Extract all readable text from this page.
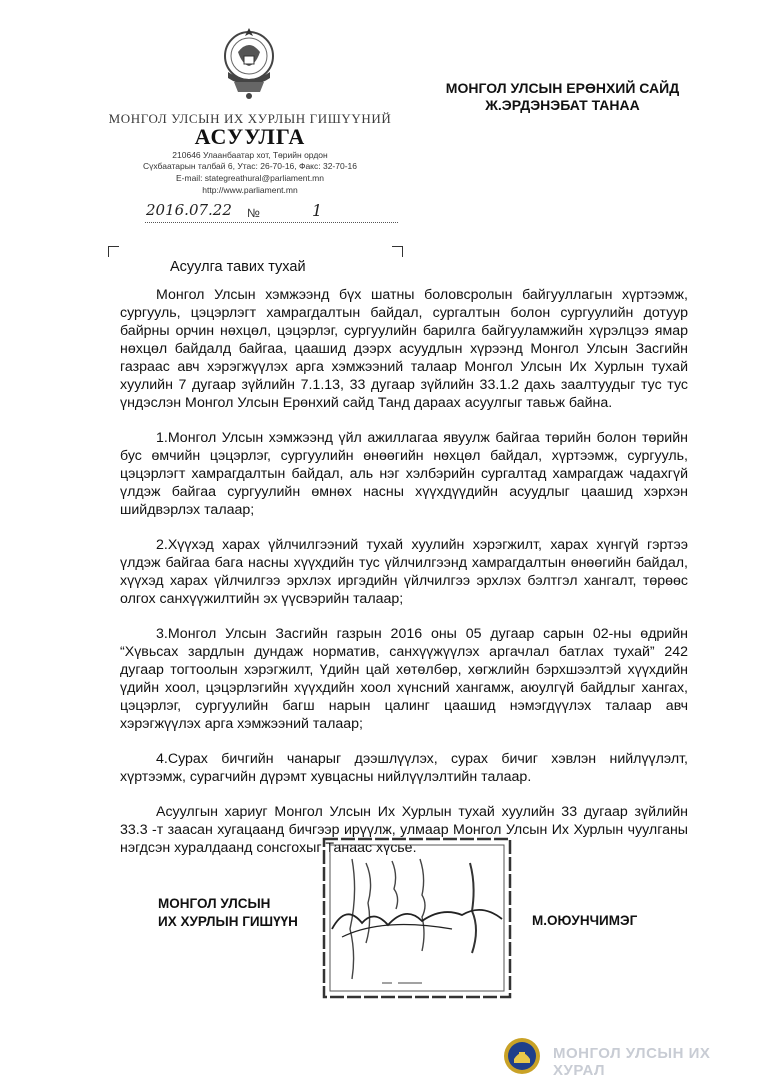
МОНГОЛ УЛСЫН ИХ ХУРЛЫН ГИШҮҮНИЙ
АСУУЛГА
210646 Улаанбаатар хот, Төрийн ордон
Сүхбаатарын талбай 6, Утас: 26-70-16, Факс: 32-70-16
E-mail: stategreathural@parliament.mn
http://www.parliament.mn
2016.07.22 №	1
МОНГОЛ УЛСЫН ЕРӨНХИЙ САЙД
Ж.ЭРДЭНЭБАТ ТАНАА
Асуулга тавих тухай

Монгол Улсын хэмжээнд бүх шатны боловсролын байгууллагын хүртээмж, сургууль, цэцэрлэгт хамрагдалтын байдал, сургалтын болон сургуулийн дотуур байрны орчин нөхцөл, цэцэрлэг, сургуулийн барилга байгууламжийн хүрэлцээ ямар нөхцөл байдалд байгаа, цаашид дээрх асуудлын хүрээнд Монгол Улсын Засгийн газраас авч хэрэгжүүлэх арга хэмжээний талаар Монгол Улсын Их Хурлын тухай хуулийн 7 дугаар зүйлийн 7.1.13, 33 дугаар зүйлийн 33.1.2 дахь заалтуудыг тус тус үндэслэн Монгол Улсын Ерөнхий сайд Танд дараах асуулгыг тавьж байна.

1.Монгол Улсын хэмжээнд үйл ажиллагаа явуулж байгаа төрийн болон төрийн бус өмчийн цэцэрлэг, сургуулийн өнөөгийн нөхцөл байдал, хүртээмж, сургууль, цэцэрлэгт хамрагдалтын байдал, аль нэг хэлбэрийн сургалтад хамрагдаж чадахгүй үлдэж байгаа сургуулийн өмнөх насны хүүхдүүдийн асуудлыг цаашид хэрхэн шийдвэрлэх талаар;

2.Хүүхэд харах үйлчилгээний тухай хуулийн хэрэгжилт, харах хүнгүй гэртээ үлдэж байгаа бага насны хүүхдийн тус үйлчилгээнд хамрагдалтын өнөөгийн байдал, хүүхэд харах үйлчилгээ эрхлэх иргэдийн үйлчилгээ эрхлэх бэлтгэл хангалт, төрөөс олгох санхүүжилтийн эх үүсвэрийн талаар;

3.Монгол Улсын Засгийн газрын 2016 оны 05 дугаар сарын 02-ны өдрийн “Хүвьсах зардлын дундаж норматив, санхүүжүүлэх аргачлал батлах тухай” 242 дугаар тогтоолын хэрэгжилт, Үдийн цай хөтөлбөр, хөгжлийн бэрхшээлтэй хүүхдийн үдийн хоол, цэцэрлэгийн хүүхдийн хоол хүнсний хангамж, аюулгүй байдлыг хангах, цэцэрлэг, сургуулийн багш нарын цалинг цаашид нэмэгдүүлэх талаар авч хэрэгжүүлэх арга хэмжээний талаар;

4.Сурах бичгийн чанарыг дээшлүүлэх, сурах бичиг хэвлэн нийлүүлэлт, хүртээмж, сурагчийн дүрэмт хувцасны нийлүүлэлтийн талаар.

Асуулгын хариуг Монгол Улсын Их Хурлын тухай хуулийн 33 дугаар зүйлийн 33.3 -т заасан хугацаанд бичгээр ирүүлж, улмаар Монгол Улсын Их Хурлын чуулганы нэгдсэн хуралдаанд сонсгохыг Танаас хүсье.

МОНГОЛ УЛСЫН
ИХ ХУРЛЫН ГИШҮҮН	М.ОЮУНЧИМЭГ
МОНГОЛ УЛСЫН ИХ ХУРАЛ
